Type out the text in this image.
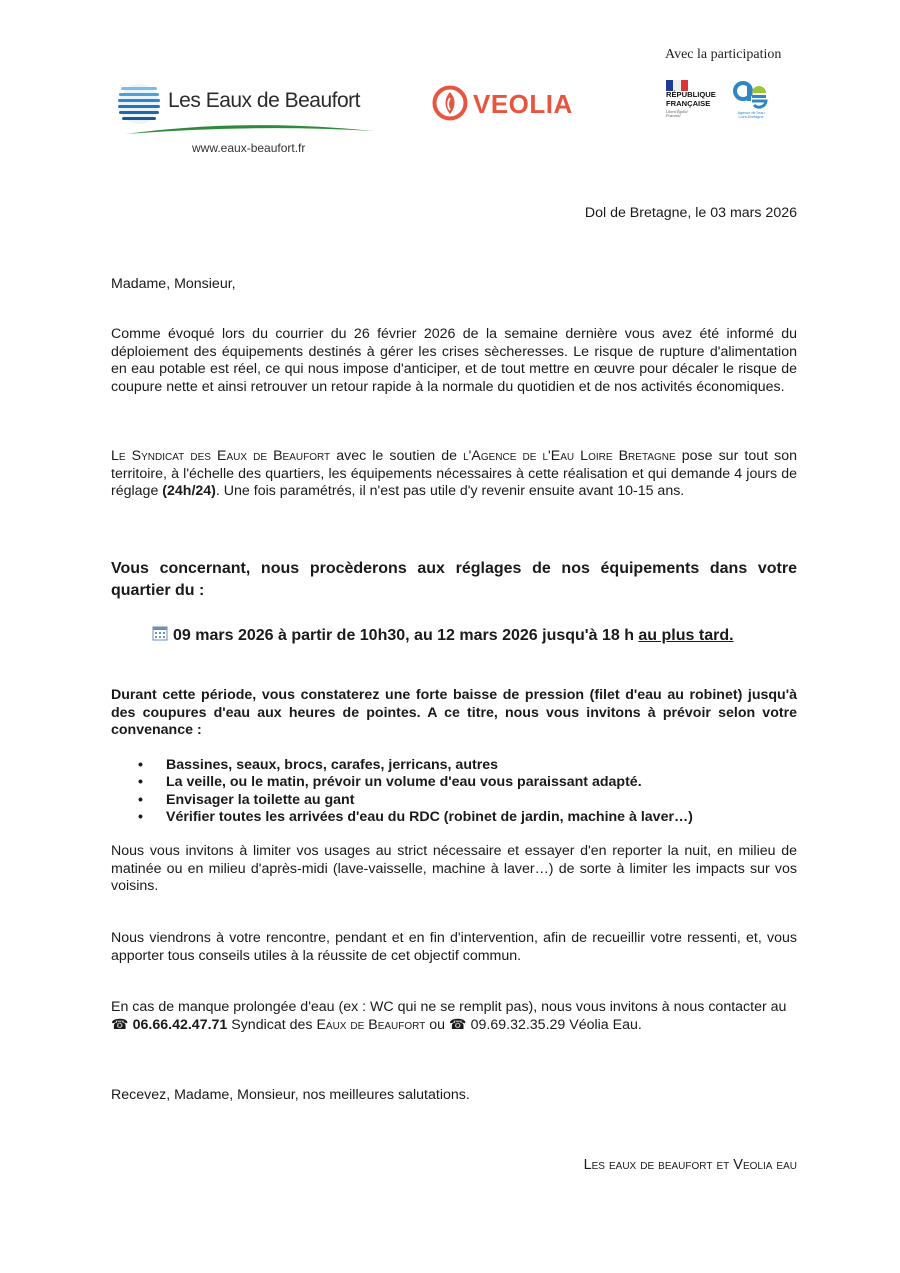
Avec la participation
Les Eaux de Beaufort
www.eaux-beaufort.fr
VEOLIA	RÉPUBLIQUE FRANÇAISE
Liberté Égalité Fraternité
Agence de l'eau Loire-Bretagne
Dol de Bretagne, le 03 mars 2026
Madame, Monsieur,

Comme évoqué lors du courrier du 26 février 2026 de la semaine dernière vous avez été informé du déploiement des équipements destinés à gérer les crises sècheresses. Le risque de rupture d'alimentation en eau potable est réel, ce qui nous impose d'anticiper, et de tout mettre en œuvre pour décaler le risque de coupure nette et ainsi retrouver un retour rapide à la normale du quotidien et de nos activités économiques.

Le Syndicat des Eaux de Beaufort avec le soutien de l'Agence de l'Eau Loire Bretagne pose sur tout son territoire, à l'échelle des quartiers, les équipements nécessaires à cette réalisation et qui demande 4 jours de réglage (24h/24). Une fois paramétrés, il n'est pas utile d'y revenir ensuite avant 10-15 ans.

Vous concernant, nous procèderons aux réglages de nos équipements dans votre quartier du :

09 mars 2026 à partir de 10h30, au 12 mars 2026 jusqu'à 18 h au plus tard.

Durant cette période, vous constaterez une forte baisse de pression (filet d'eau au robinet) jusqu'à des coupures d'eau aux heures de pointes. A ce titre, nous vous invitons à prévoir selon votre convenance :

• Bassines, seaux, brocs, carafes, jerricans, autres
• La veille, ou le matin, prévoir un volume d'eau vous paraissant adapté.
• Envisager la toilette au gant
• Vérifier toutes les arrivées d'eau du RDC (robinet de jardin, machine à laver…)

Nous vous invitons à limiter vos usages au strict nécessaire et essayer d'en reporter la nuit, en milieu de matinée ou en milieu d'après-midi (lave-vaisselle, machine à laver…) de sorte à limiter les impacts sur vos voisins.

Nous viendrons à votre rencontre, pendant et en fin d'intervention, afin de recueillir votre ressenti, et, vous apporter tous conseils utiles à la réussite de cet objectif commun.

En cas de manque prolongée d'eau (ex : WC qui ne se remplit pas), nous vous invitons à nous contacter au ☎ 06.66.42.47.71 Syndicat des Eaux de Beaufort ou ☎ 09.69.32.35.29 Véolia Eau.

Recevez, Madame, Monsieur, nos meilleures salutations.
Les eaux de beaufort et Veolia eau
